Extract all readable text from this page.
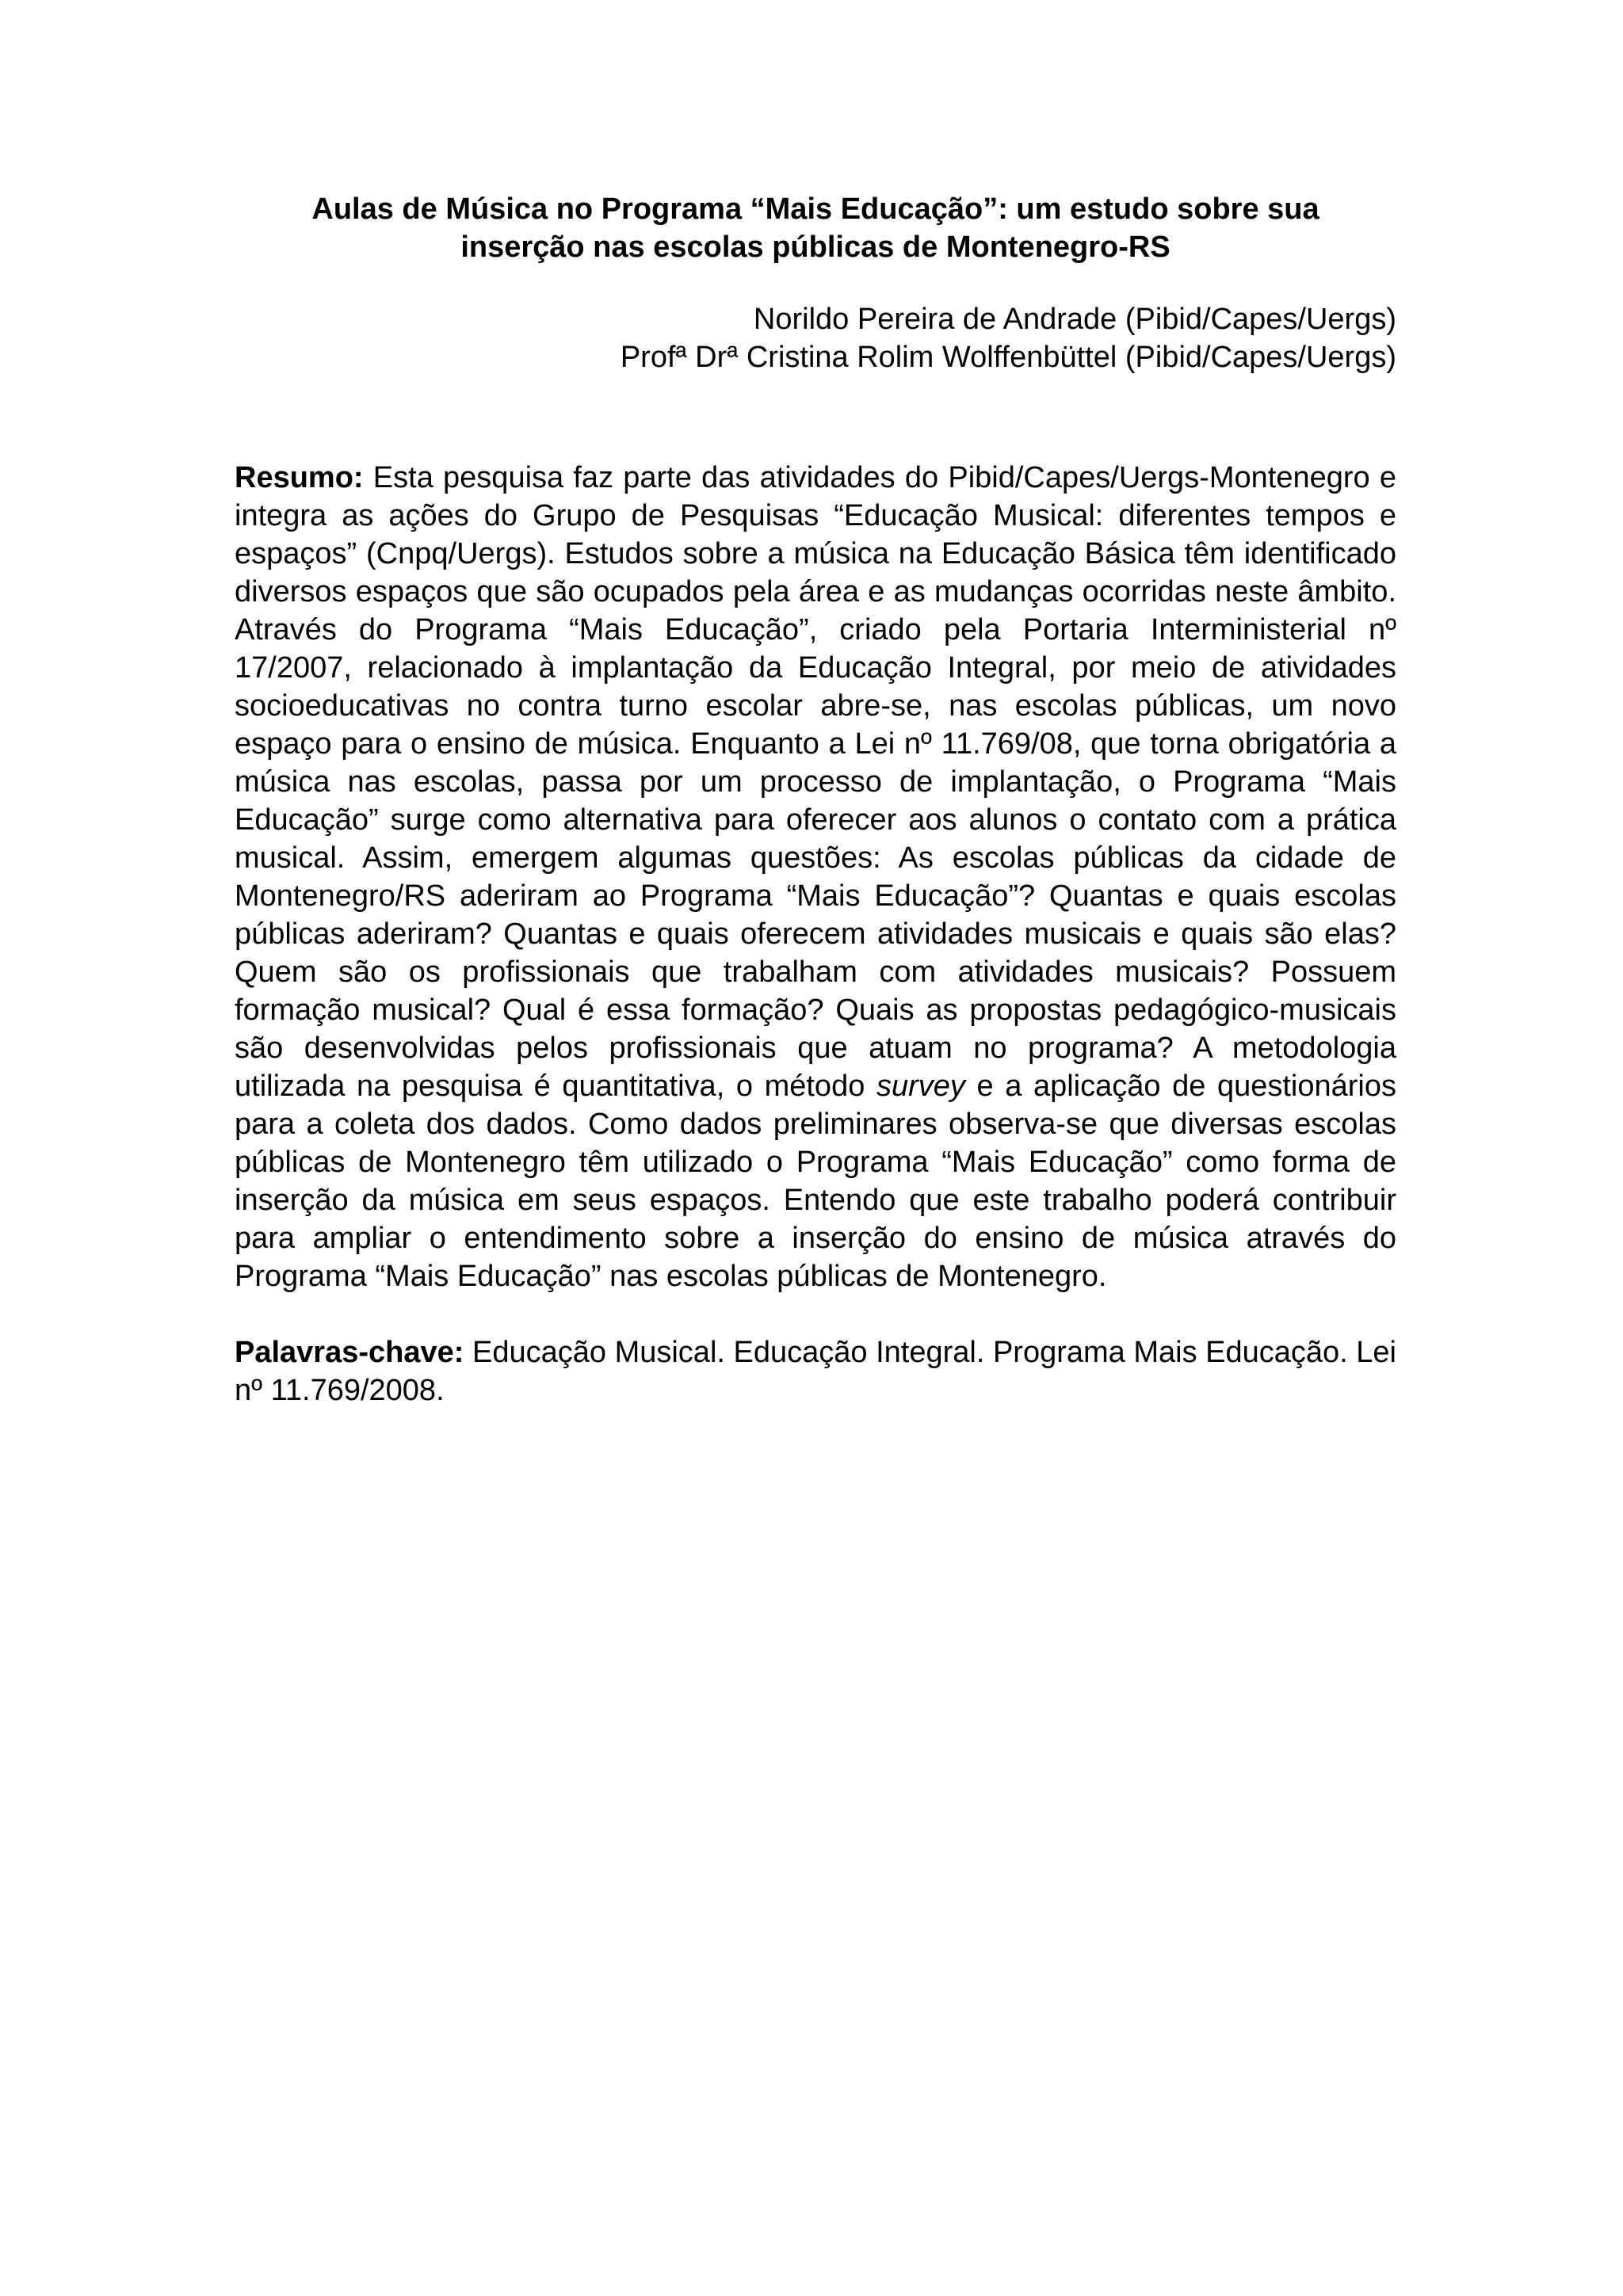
Aulas de Música no Programa “Mais Educação”: um estudo sobre sua
inserção nas escolas públicas de Montenegro-RS
Norildo Pereira de Andrade (Pibid/Capes/Uergs)
Profª Drª Cristina Rolim Wolffenbüttel (Pibid/Capes/Uergs)

Resumo: Esta pesquisa faz parte das atividades do Pibid/Capes/Uergs-Montenegro e integra as ações do Grupo de Pesquisas “Educação Musical: diferentes tempos e espaços” (Cnpq/Uergs). Estudos sobre a música na Educação Básica têm identificado diversos espaços que são ocupados pela área e as mudanças ocorridas neste âmbito. Através do Programa “Mais Educação”, criado pela Portaria Interministerial nº 17/2007, relacionado à implantação da Educação Integral, por meio de atividades socioeducativas no contra turno escolar abre-se, nas escolas públicas, um novo espaço para o ensino de música. Enquanto a Lei nº 11.769/08, que torna obrigatória a música nas escolas, passa por um processo de implantação, o Programa “Mais Educação” surge como alternativa para oferecer aos alunos o contato com a prática musical. Assim, emergem algumas questões: As escolas públicas da cidade de Montenegro/RS aderiram ao Programa “Mais Educação”? Quantas e quais escolas públicas aderiram? Quantas e quais oferecem atividades musicais e quais são elas? Quem são os profissionais que trabalham com atividades musicais? Possuem formação musical? Qual é essa formação? Quais as propostas pedagógico-musicais são desenvolvidas pelos profissionais que atuam no programa? A metodologia utilizada na pesquisa é quantitativa, o método survey e a aplicação de questionários para a coleta dos dados. Como dados preliminares observa-se que diversas escolas públicas de Montenegro têm utilizado o Programa “Mais Educação” como forma de inserção da música em seus espaços. Entendo que este trabalho poderá contribuir para ampliar o entendimento sobre a inserção do ensino de música através do Programa “Mais Educação” nas escolas públicas de Montenegro.

Palavras-chave: Educação Musical. Educação Integral. Programa Mais Educação. Lei nº 11.769/2008.
